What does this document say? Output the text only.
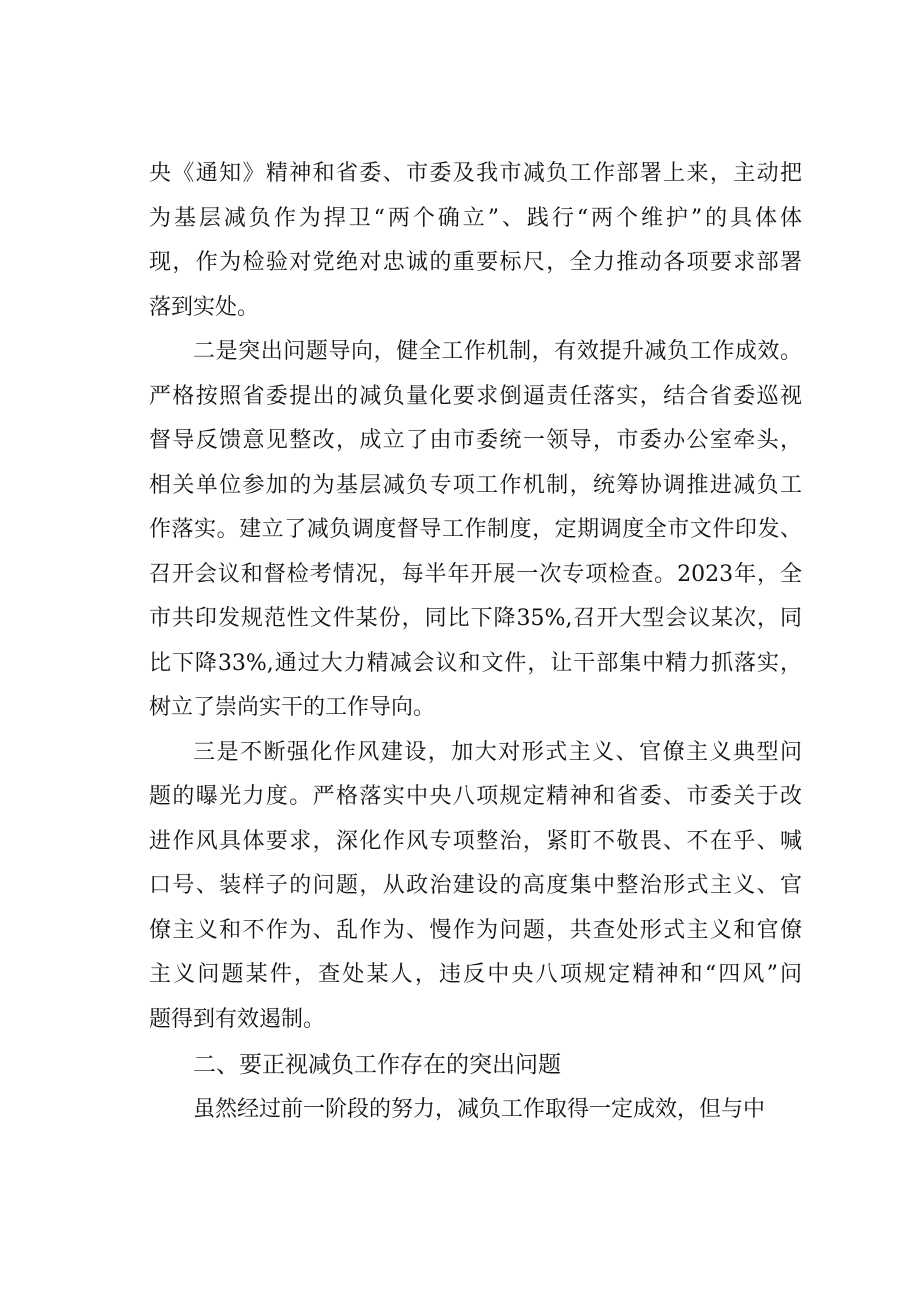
央《通知》精神和省委、市委及我市减负工作部署上来，主动把
为基层减负作为捍卫“两个确立”、践行“两个维护”的具体体
现，作为检验对党绝对忠诚的重要标尺，全力推动各项要求部署
落到实处。
二是突出问题导向，健全工作机制，有效提升减负工作成效。
严格按照省委提出的减负量化要求倒逼责任落实，结合省委巡视
督导反馈意见整改，成立了由市委统一领导，市委办公室牵头，
相关单位参加的为基层减负专项工作机制，统筹协调推进减负工
作落实。建立了减负调度督导工作制度，定期调度全市文件印发、
召开会议和督检考情况，每半年开展一次专项检查。2023年，全
市共印发规范性文件某份，同比下降35%,召开大型会议某次，同
比下降33%,通过大力精减会议和文件，让干部集中精力抓落实，
树立了崇尚实干的工作导向。
三是不断强化作风建设，加大对形式主义、官僚主义典型问
题的曝光力度。严格落实中央八项规定精神和省委、市委关于改
进作风具体要求，深化作风专项整治，紧盯不敬畏、不在乎、喊
口号、装样子的问题，从政治建设的高度集中整治形式主义、官
僚主义和不作为、乱作为、慢作为问题，共查处形式主义和官僚
主义问题某件，查处某人，违反中央八项规定精神和“四风”问
题得到有效遏制。
二、要正视减负工作存在的突出问题
虽然经过前一阶段的努力，减负工作取得一定成效，但与中
